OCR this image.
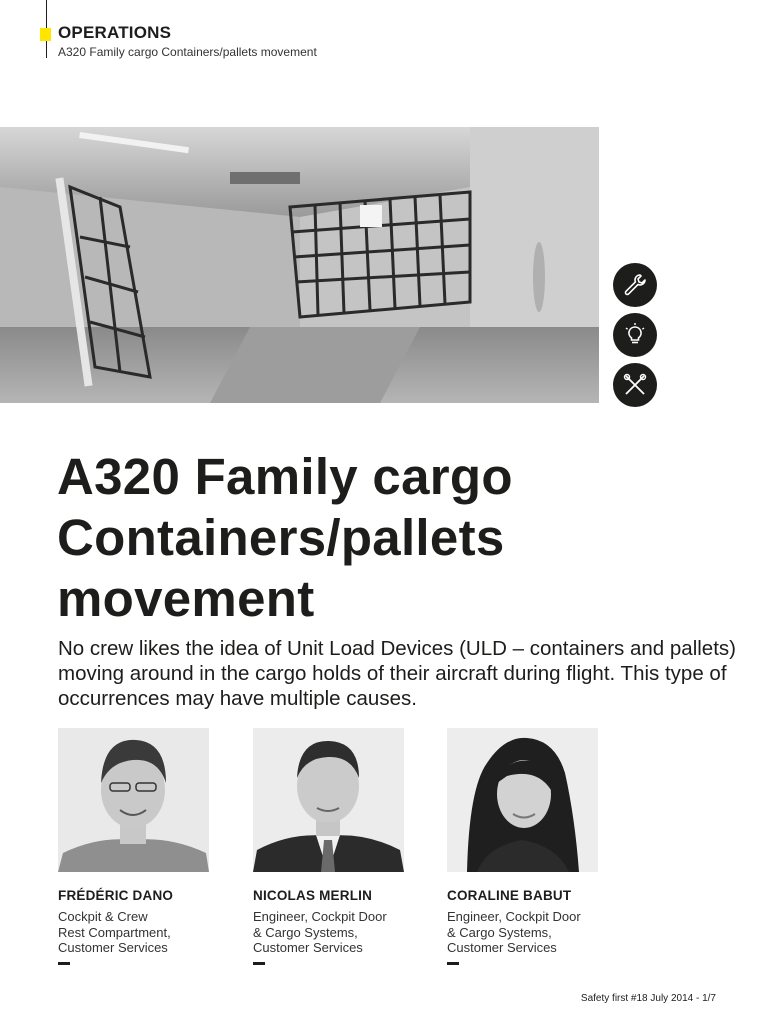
OPERATIONS
A320 Family cargo Containers/pallets movement
A320 Family cargo
Containers/pallets
movement

No crew likes the idea of Unit Load Devices (ULD – containers and pallets) moving around in the cargo holds of their aircraft during flight. This type of occurrences may have multiple causes.

FRÉDÉRIC DANO
Cockpit & Crew
Rest Compartment,
Customer Services
NICOLAS MERLIN
Engineer, Cockpit Door
& Cargo Systems,
Customer Services
CORALINE BABUT
Engineer, Cockpit Door
& Cargo Systems,
Customer Services
Safety first #18 July 2014 - 1/7
